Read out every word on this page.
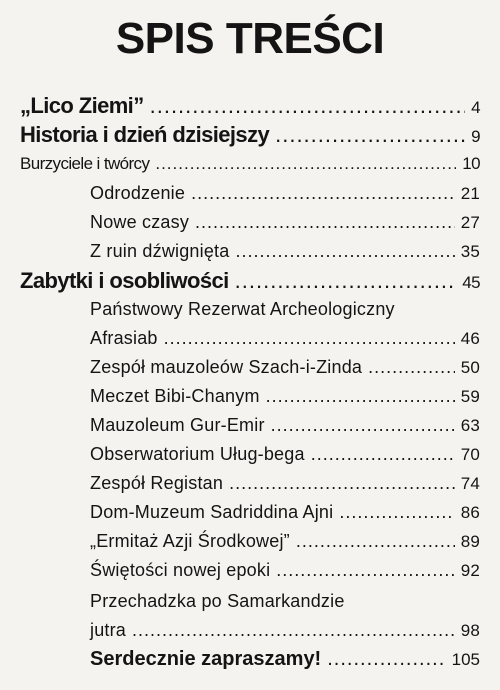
SPIS TREŚCI
„Lico Ziemi” .....	4
Historia i dzień dzisiejszy .....	9
Burzyciele i twórcy .....	10
Odrodzenie .....	21
Nowe czasy .....	27
Z ruin dźwignięta .....	35
Zabytki i osobliwości .....	45
Państwowy Rezerwat Archeologiczny
Afrasiab .....	46
Zespół mauzoleów Szach-i-Zinda .....	50
Meczet Bibi-Chanym .....	59
Mauzoleum Gur-Emir .....	63
Obserwatorium Uług-bega .....	70
Zespół Registan .....	74
Dom-Muzeum Sadriddina Ajni .....	86
„Ermitaż Azji Środkowej” .....	89
Świętości nowej epoki .....	92
Przechadzka po Samarkandzie
jutra .....	98
Serdecznie zapraszamy! .....	105
